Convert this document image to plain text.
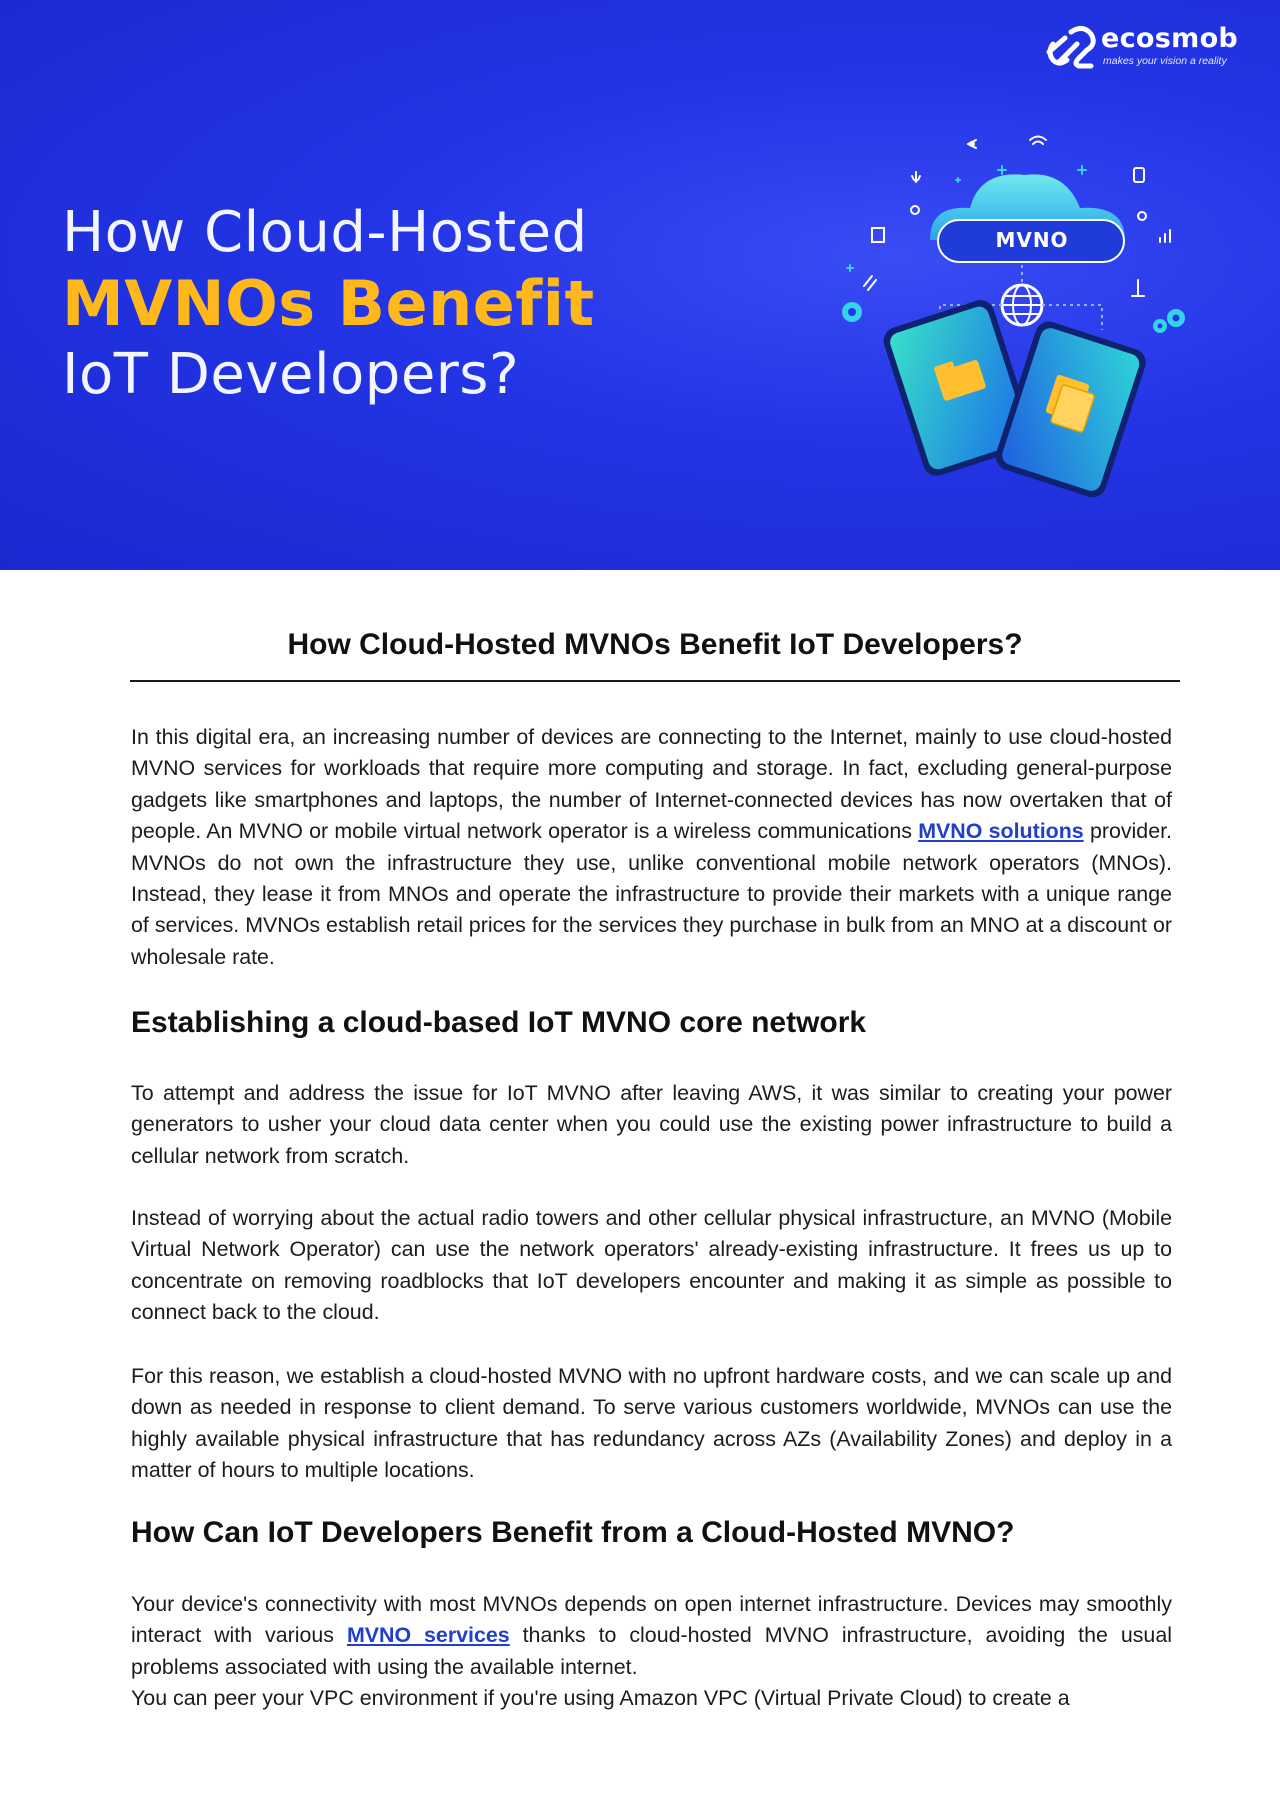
How Cloud-Hosted
MVNOs Benefit
IoT Developers?
ecosmob
makes your vision a reality
MVNO
How Cloud-Hosted MVNOs Benefit IoT Developers?

In this digital era, an increasing number of devices are connecting to the Internet, mainly to use cloud-hosted MVNO services for workloads that require more computing and storage. In fact, excluding general-purpose gadgets like smartphones and laptops, the number of Internet-connected devices has now overtaken that of people. An MVNO or mobile virtual network operator is a wireless communications MVNO solutions provider. MVNOs do not own the infrastructure they use, unlike conventional mobile network operators (MNOs). Instead, they lease it from MNOs and operate the infrastructure to provide their markets with a unique range of services. MVNOs establish retail prices for the services they purchase in bulk from an MNO at a discount or wholesale rate.

Establishing a cloud-based IoT MVNO core network

To attempt and address the issue for IoT MVNO after leaving AWS, it was similar to creating your power generators to usher your cloud data center when you could use the existing power infrastructure to build a cellular network from scratch.

Instead of worrying about the actual radio towers and other cellular physical infrastructure, an MVNO (Mobile Virtual Network Operator) can use the network operators' already-existing infrastructure. It frees us up to concentrate on removing roadblocks that IoT developers encounter and making it as simple as possible to connect back to the cloud.

For this reason, we establish a cloud-hosted MVNO with no upfront hardware costs, and we can scale up and down as needed in response to client demand. To serve various customers worldwide, MVNOs can use the highly available physical infrastructure that has redundancy across AZs (Availability Zones) and deploy in a matter of hours to multiple locations.

How Can IoT Developers Benefit from a Cloud-Hosted MVNO?

Your device's connectivity with most MVNOs depends on open internet infrastructure. Devices may smoothly interact with various MVNO services thanks to cloud-hosted MVNO infrastructure, avoiding the usual problems associated with using the available internet.

You can peer your VPC environment if you're using Amazon VPC (Virtual Private Cloud) to create a
